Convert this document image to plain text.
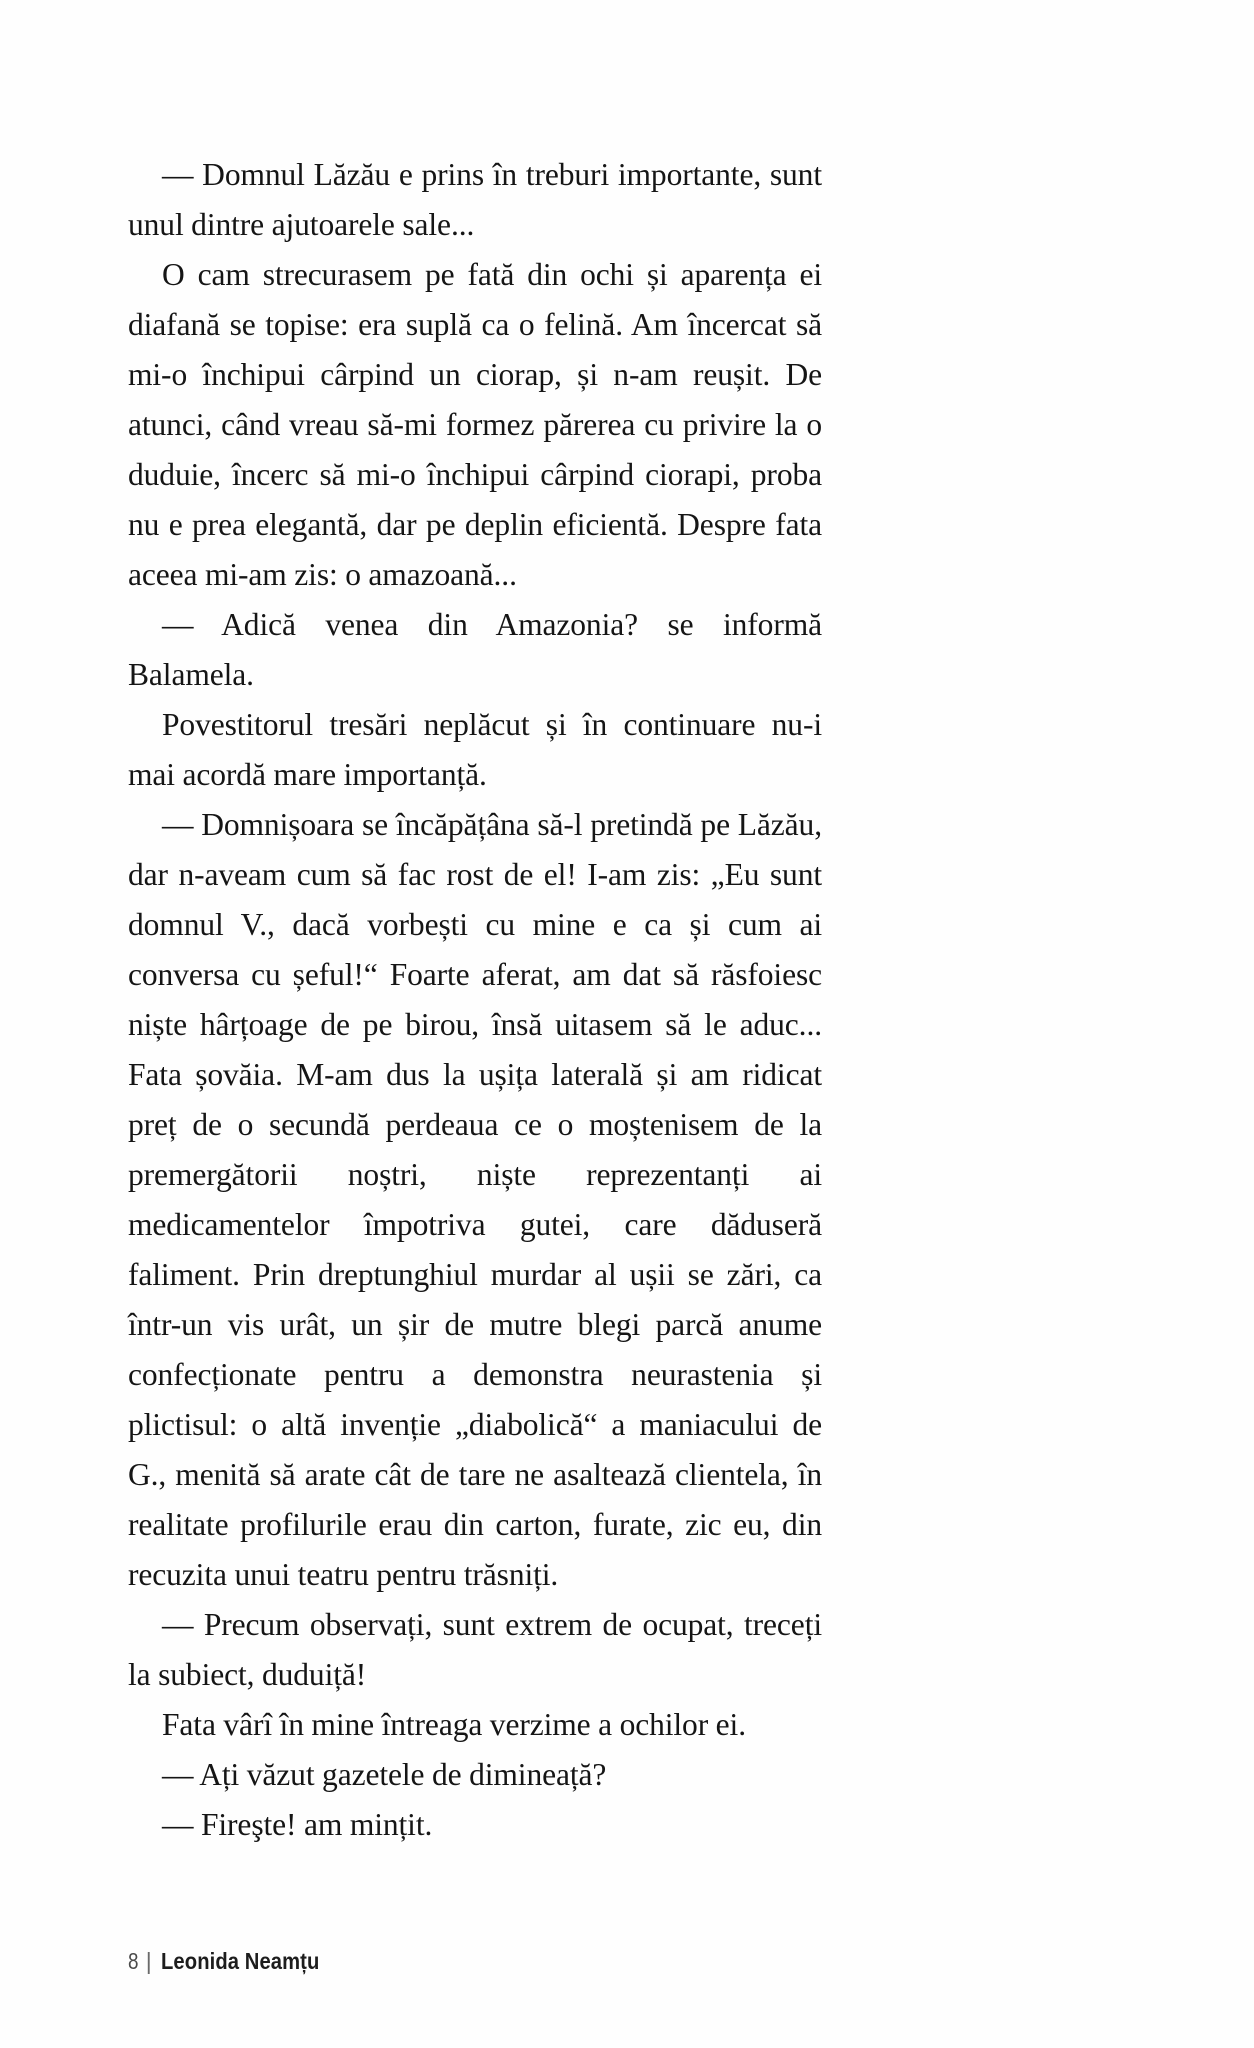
— Domnul Lăzău e prins în treburi importante, sunt unul dintre ajutoarele sale...

O cam strecurasem pe fată din ochi și aparența ei diafană se topise: era suplă ca o felină. Am încercat să mi-o închipui cârpind un ciorap, și n-am reușit. De atunci, când vreau să-mi formez părerea cu privire la o duduie, încerc să mi-o închipui cârpind ciorapi, proba nu e prea elegantă, dar pe deplin eficientă. Despre fata aceea mi-am zis: o amazoană...

— Adică venea din Amazonia? se informă Balamela.

Povestitorul tresări neplăcut și în continuare nu-i mai acordă mare importanță.

— Domnișoara se încăpățâna să-l pretindă pe Lăzău, dar n-aveam cum să fac rost de el! I-am zis: „Eu sunt domnul V., dacă vorbești cu mine e ca și cum ai conversa cu șeful!“ Foarte aferat, am dat să răsfoiesc niște hârțoage de pe birou, însă uitasem să le aduc... Fata șovăia. M-am dus la ușița laterală și am ridicat preț de o secundă perdeaua ce o moștenisem de la premergătorii noștri, niște reprezentanți ai medicamentelor împotriva gutei, care dăduseră faliment. Prin dreptunghiul murdar al ușii se zări, ca într-un vis urât, un șir de mutre blegi parcă anume confecționate pentru a demonstra neurastenia și plictisul: o altă invenție „diabolică“ a maniacului de G., menită să arate cât de tare ne asaltează clientela, în realitate profilurile erau din carton, furate, zic eu, din recuzita unui teatru pentru trăsniți.

— Precum observați, sunt extrem de ocupat, treceți la subiect, duduiță!

Fata vârî în mine întreaga verzime a ochilor ei.

— Ați văzut gazetele de dimineață?

— Fireşte! am mințit.

8 | Leonida Neamțu
